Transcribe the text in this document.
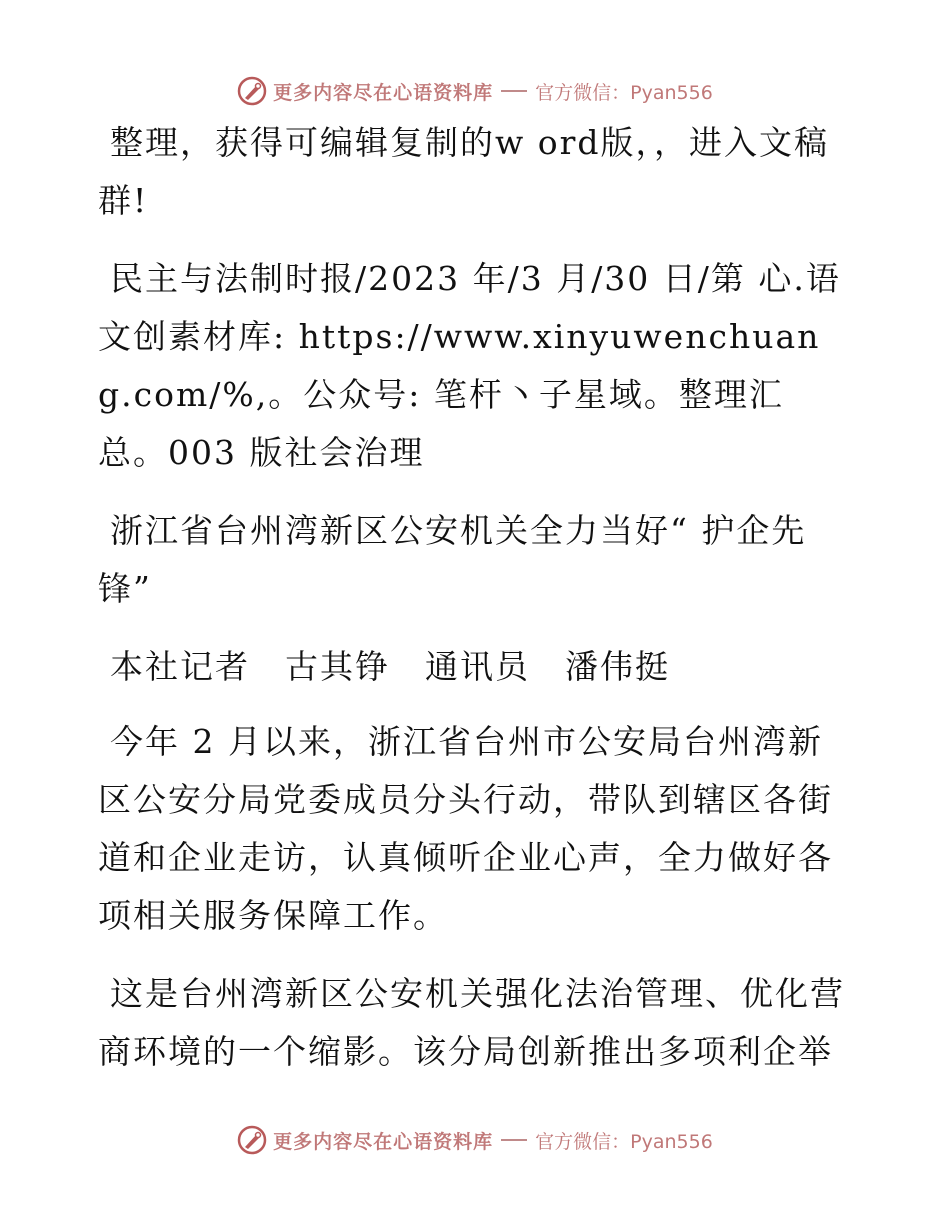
更多内容尽在心语资料库 官方微信：Pyan556

整理，获得可编辑复制的w ord版，，进入文稿群!

民主与法制时报/2023 年/3 月/30 日/第 心.语文创素材库: https://www.xinyuwenchuang.com/%,。公众号: 笔杆丶子星域。整理汇总。003 版社会治理

浙江省台州湾新区公安机关全力当好“ 护企先锋”

本社记者　古其铮　通讯员　潘伟挺

今年 2 月以来，浙江省台州市公安局台州湾新区公安分局党委成员分头行动，带队到辖区各街道和企业走访，认真倾听企业心声，全力做好各项相关服务保障工作。

这是台州湾新区公安机关强化法治管理、优化营商环境的一个缩影。该分局创新推出多项利企举

更多内容尽在心语资料库 官方微信：Pyan556
